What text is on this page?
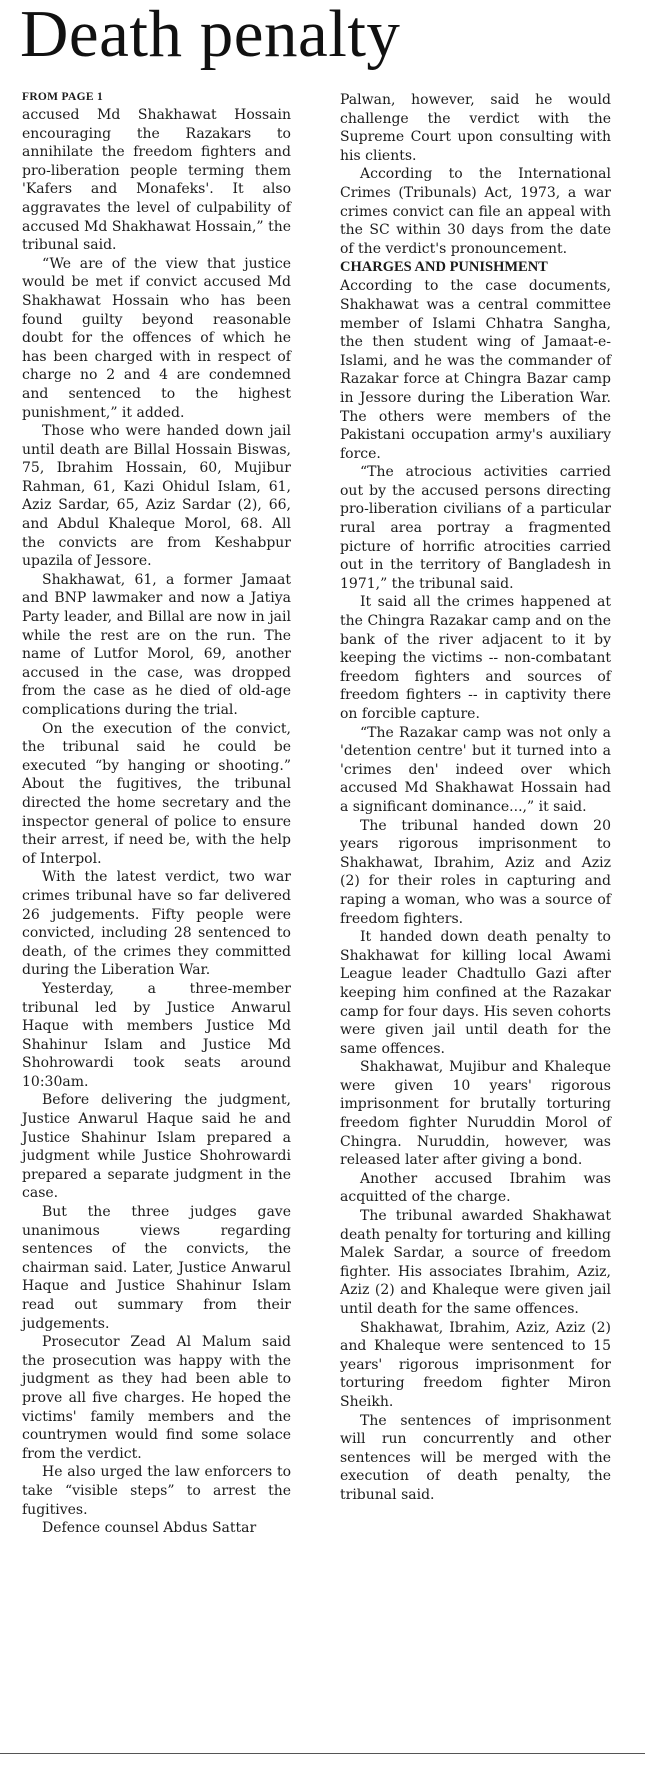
Death penalty
FROM PAGE 1

accused Md Shakhawat Hossain encouraging the Razakars to annihilate the freedom fighters and pro-liberation people terming them 'Kafers and Monafeks'. It also aggravates the level of culpability of accused Md Shakhawat Hossain,” the tribunal said.

“We are of the view that justice would be met if convict accused Md Shakhawat Hossain who has been found guilty beyond reasonable doubt for the offences of which he has been charged with in respect of charge no 2 and 4 are condemned and sentenced to the highest punishment,” it added.

Those who were handed down jail until death are Billal Hossain Biswas, 75, Ibrahim Hossain, 60, Mujibur Rahman, 61, Kazi Ohidul Islam, 61, Aziz Sardar, 65, Aziz Sardar (2), 66, and Abdul Khaleque Morol, 68. All the convicts are from Keshabpur upazila of Jessore.

Shakhawat, 61, a former Jamaat and BNP lawmaker and now a Jatiya Party leader, and Billal are now in jail while the rest are on the run. The name of Lutfor Morol, 69, another accused in the case, was dropped from the case as he died of old-age complications during the trial.

On the execution of the convict, the tribunal said he could be executed “by hanging or shooting.” About the fugitives, the tribunal directed the home secretary and the inspector general of police to ensure their arrest, if need be, with the help of Interpol.

With the latest verdict, two war crimes tribunal have so far delivered 26 judgements. Fifty people were convicted, including 28 sentenced to death, of the crimes they committed during the Liberation War.

Yesterday, a three-member tribunal led by Justice Anwarul Haque with members Justice Md Shahinur Islam and Justice Md Shohrowardi took seats around 10:30am.

Before delivering the judgment, Justice Anwarul Haque said he and Justice Shahinur Islam prepared a judgment while Justice Shohrowardi prepared a separate judgment in the case.

But the three judges gave unanimous views regarding sentences of the convicts, the chairman said. Later, Justice Anwarul Haque and Justice Shahinur Islam read out summary from their judgements.

Prosecutor Zead Al Malum said the prosecution was happy with the judgment as they had been able to prove all five charges. He hoped the victims' family members and the countrymen would find some solace from the verdict.

He also urged the law enforcers to take “visible steps” to arrest the fugitives.

Defence counsel Abdus Sattar

Palwan, however, said he would challenge the verdict with the Supreme Court upon consulting with his clients.

According to the International Crimes (Tribunals) Act, 1973, a war crimes convict can file an appeal with the SC within 30 days from the date of the verdict's pronouncement.

CHARGES AND PUNISHMENT

According to the case documents, Shakhawat was a central committee member of Islami Chhatra Sangha, the then student wing of Jamaat-e-Islami, and he was the commander of Razakar force at Chingra Bazar camp in Jessore during the Liberation War. The others were members of the Pakistani occupation army's auxiliary force.

“The atrocious activities carried out by the accused persons directing pro-liberation civilians of a particular rural area portray a fragmented picture of horrific atrocities carried out in the territory of Bangladesh in 1971,” the tribunal said.

It said all the crimes happened at the Chingra Razakar camp and on the bank of the river adjacent to it by keeping the victims -- non-combatant freedom fighters and sources of freedom fighters -- in captivity there on forcible capture.

“The Razakar camp was not only a 'detention centre' but it turned into a 'crimes den' indeed over which accused Md Shakhawat Hossain had a significant dominance...,” it said.

The tribunal handed down 20 years rigorous imprisonment to Shakhawat, Ibrahim, Aziz and Aziz (2) for their roles in capturing and raping a woman, who was a source of freedom fighters.

It handed down death penalty to Shakhawat for killing local Awami League leader Chadtullo Gazi after keeping him confined at the Razakar camp for four days. His seven cohorts were given jail until death for the same offences.

Shakhawat, Mujibur and Khaleque were given 10 years' rigorous imprisonment for brutally torturing freedom fighter Nuruddin Morol of Chingra. Nuruddin, however, was released later after giving a bond.

Another accused Ibrahim was acquitted of the charge.

The tribunal awarded Shakhawat death penalty for torturing and killing Malek Sardar, a source of freedom fighter. His associates Ibrahim, Aziz, Aziz (2) and Khaleque were given jail until death for the same offences.

Shakhawat, Ibrahim, Aziz, Aziz (2) and Khaleque were sentenced to 15 years' rigorous imprisonment for torturing freedom fighter Miron Sheikh.

The sentences of imprisonment will run concurrently and other sentences will be merged with the execution of death penalty, the tribunal said.
